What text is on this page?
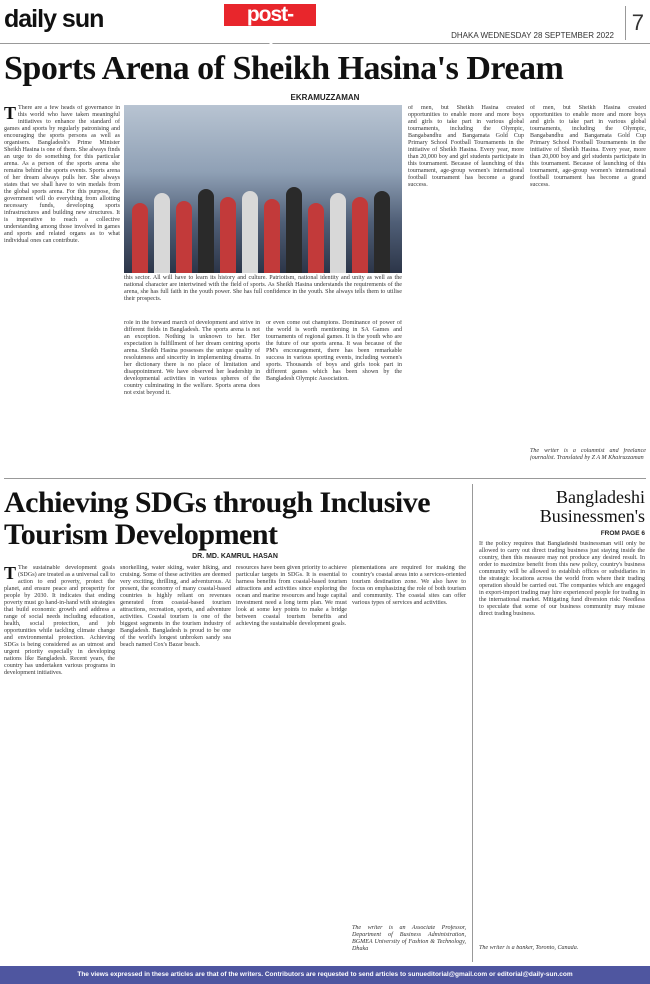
daily sun	post-logue	DHAKA WEDNESDAY 28 SEPTEMBER 2022
7
Sports Arena of Sheikh Hasina's Dream
EKRAMUZZAMAN
T There are a few heads of governance in this world who have taken meaningful initiatives to enhance the standard of games and sports by regularly patronising and encouraging the sports persons as well as organisers. Bangladesh's Prime Minister Sheikh Hasina is one of them. She always finds an urge to do something for this particular arena. As a person of the sports arena she remains behind the sports events. Sports arena of her dream always pulls her. She always states that we shall have to win medals from the global sports arena. For this purpose, the government will do everything from allotting necessary funds, developing sports infrastructures and building new structures. It is imperative to reach a collective understanding among those involved in games and sports and related organs as to what individual ones can contribute.
this sector. All will have to learn its history and culture. Patriotism, national identity and unity as well as the national character are intertwined with the field of sports. As Sheikh Hasina understands the requirements of the arena, she has full faith in the youth power. She has full confidence in the youth. She always tells them to utilise their prospects.
role in the forward march of development and strive in different fields in Bangladesh. The sports arena is not an exception. Nothing is unknown to her. Her expectation is fulfillment of her dream centring sports arena. Sheikh Hasina possesses the unique quality of resoluteness and sincerity in implementing dreams. In her dictionary there is no place of limitation and disappointment. We have observed her leadership in developmental activities in various spheres of the country culminating in the welfare. Sports arena does not exist beyond it.
or even come out champions. Dominance of power of the world is worth mentioning in SA Games and tournaments of regional games. It is the youth who are the future of our sports arena. It was because of the PM's encouragement, there has been remarkable success in various sporting events, including women's sports. Thousands of boys and girls took part in different games which has been shown by the Bangladesh Olympic Association.
of men, but Sheikh Hasina created opportunities to enable more and more boys and girls to take part in various global tournaments, including the Olympic, Bangabandhu and Bangamata Gold Cup Primary School Football Tournaments in the initiative of Sheikh Hasina. Every year, more than 20,000 boy and girl students participate in this tournament. Because of launching of this tournament, age-group women's international football tournament has become a grand success.
of men, but Sheikh Hasina created opportunities to enable more and more boys and girls to take part in various global tournaments, including the Olympic, Bangabandhu and Bangamata Gold Cup Primary School Football Tournaments in the initiative of Sheikh Hasina. Every year, more than 20,000 boy and girl students participate in this tournament. Because of launching of this tournament, age-group women's international football tournament has become a grand success.
The writer is a columnist and freelance journalist. Translated by Z A M Khairuzzaman
Achieving SDGs through Inclusive Tourism Development
DR. MD. KAMRUL HASAN
T The sustainable development goals (SDGs) are treated as a universal call to action to end poverty, protect the planet, and ensure peace and prosperity for people by 2030. It indicates that ending poverty must go hand-in-hand with strategies that build economic growth and address a range of social needs including education, health, social protection, and job opportunities while tackling climate change and environmental protection. Achieving SDGs is being considered as an utmost and urgent priority especially in developing nations like Bangladesh. Recent years, the country has undertaken various programs in development initiatives.
snorkelling, water skiing, water hiking, and cruising. Some of these activities are deemed very exciting, thrilling, and adventurous. At present, the economy of many coastal-based countries is highly reliant on revenues generated from coastal-based tourism attractions, recreation, sports, and adventure activities. Coastal tourism is one of the biggest segments in the tourism industry of Bangladesh. Bangladesh is proud to be one of the world's longest unbroken sandy sea beach named Cox's Bazar beach.
resources have been given priority to achieve particular targets in SDGs. It is essential to harness benefits from coastal-based tourism attractions and activities since exploring the ocean and marine resources and huge capital investment need a long term plan. We must look at some key points to make a bridge between coastal tourism benefits and achieving the sustainable development goals.
plementations are required for making the country's coastal areas into a services-oriented tourism destination zone. We also have to focus on emphasizing the role of both tourism and community. The coastal sites can offer various types of services and activities.
The writer is an Associate Professor, Department of Business Administration, BGMEA University of Fashion & Technology, Dhaka
Bangladeshi Businessmen's
FROM PAGE 6
If the policy requires that Bangladeshi businessman will only be allowed to carry out direct trading business just staying inside the country, then this measure may not produce any desired result. In order to maximize benefit from this new policy, country's business community will be allowed to establish offices or subsidiaries in the strategic locations across the world from where their trading operation should be carried out. The companies which are engaged in export-import trading may hire experienced people for trading in the international market. Mitigating fund diversion risk: Needless to speculate that some of our business community may misuse direct trading business.
The writer is a banker, Toronto, Canada.
The views expressed in these articles are that of the writers. Contributors are requested to send articles to sunueditorial@gmail.com or editorial@daily-sun.com
